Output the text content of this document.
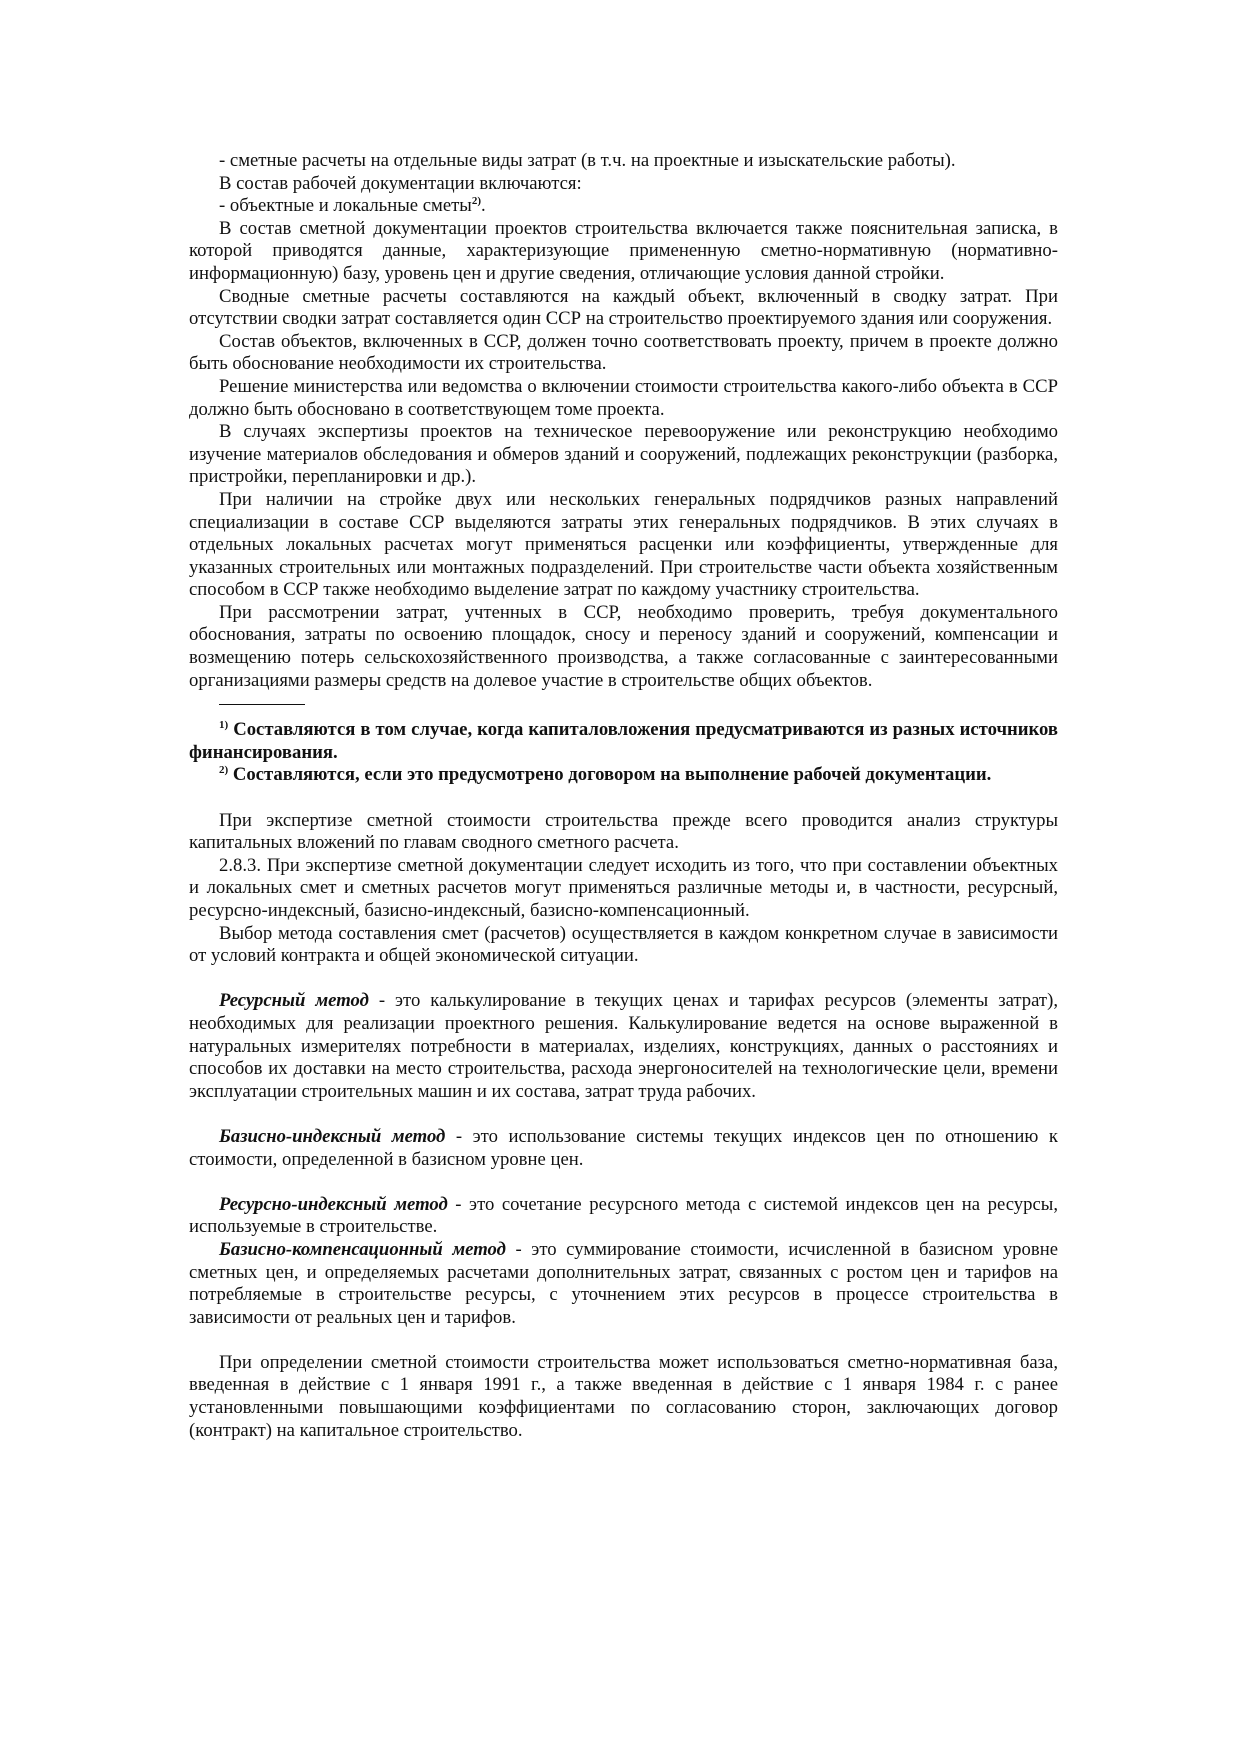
- сметные расчеты на отдельные виды затрат (в т.ч. на проектные и изыскательские работы).

В состав рабочей документации включаются:

- объектные и локальные сметы$^{2)}$.

В состав сметной документации проектов строительства включается также пояснительная записка, в которой приводятся данные, характеризующие примененную сметно-нормативную (нормативно-информационную) базу, уровень цен и другие сведения, отличающие условия данной стройки.

Сводные сметные расчеты составляются на каждый объект, включенный в сводку затрат. При отсутствии сводки затрат составляется один ССР на строительство проектируемого здания или сооружения.

Состав объектов, включенных в ССР, должен точно соответствовать проекту, причем в проекте должно быть обоснование необходимости их строительства.

Решение министерства или ведомства о включении стоимости строительства какого-либо объекта в ССР должно быть обосновано в соответствующем томе проекта.

В случаях экспертизы проектов на техническое перевооружение или реконструкцию необходимо изучение материалов обследования и обмеров зданий и сооружений, подлежащих реконструкции (разборка, пристройки, перепланировки и др.).

При наличии на стройке двух или нескольких генеральных подрядчиков разных направлений специализации в составе ССР выделяются затраты этих генеральных подрядчиков. В этих случаях в отдельных локальных расчетах могут применяться расценки или коэффициенты, утвержденные для указанных строительных или монтажных подразделений. При строительстве части объекта хозяйственным способом в ССР также необходимо выделение затрат по каждому участнику строительства.

При рассмотрении затрат, учтенных в ССР, необходимо проверить, требуя документального обоснования, затраты по освоению площадок, сносу и переносу зданий и сооружений, компенсации и возмещению потерь сельскохозяйственного производства, а также согласованные с заинтересованными организациями размеры средств на долевое участие в строительстве общих объектов.

$^{1)}$ Составляются в том случае, когда капиталовложения предусматриваются из разных источников финансирования.

$^{2)}$ Составляются, если это предусмотрено договором на выполнение рабочей документации.

При экспертизе сметной стоимости строительства прежде всего проводится анализ структуры капитальных вложений по главам сводного сметного расчета.

2.8.3. При экспертизе сметной документации следует исходить из того, что при составлении объектных и локальных смет и сметных расчетов могут применяться различные методы и, в частности, ресурсный, ресурсно-индексный, базисно-индексный, базисно-компенсационный.

Выбор метода составления смет (расчетов) осуществляется в каждом конкретном случае в зависимости от условий контракта и общей экономической ситуации.

Ресурсный метод - это калькулирование в текущих ценах и тарифах ресурсов (элементы затрат), необходимых для реализации проектного решения. Калькулирование ведется на основе выраженной в натуральных измерителях потребности в материалах, изделиях, конструкциях, данных о расстояниях и способов их доставки на место строительства, расхода энергоносителей на технологические цели, времени эксплуатации строительных машин и их состава, затрат труда рабочих.

Базисно-индексный метод - это использование системы текущих индексов цен по отношению к стоимости, определенной в базисном уровне цен.

Ресурсно-индексный метод - это сочетание ресурсного метода с системой индексов цен на ресурсы, используемые в строительстве.

Базисно-компенсационный метод - это суммирование стоимости, исчисленной в базисном уровне сметных цен, и определяемых расчетами дополнительных затрат, связанных с ростом цен и тарифов на потребляемые в строительстве ресурсы, с уточнением этих ресурсов в процессе строительства в зависимости от реальных цен и тарифов.

При определении сметной стоимости строительства может использоваться сметно-нормативная база, введенная в действие с 1 января 1991 г., а также введенная в действие с 1 января 1984 г. с ранее установленными повышающими коэффициентами по согласованию сторон, заключающих договор (контракт) на капитальное строительство.
